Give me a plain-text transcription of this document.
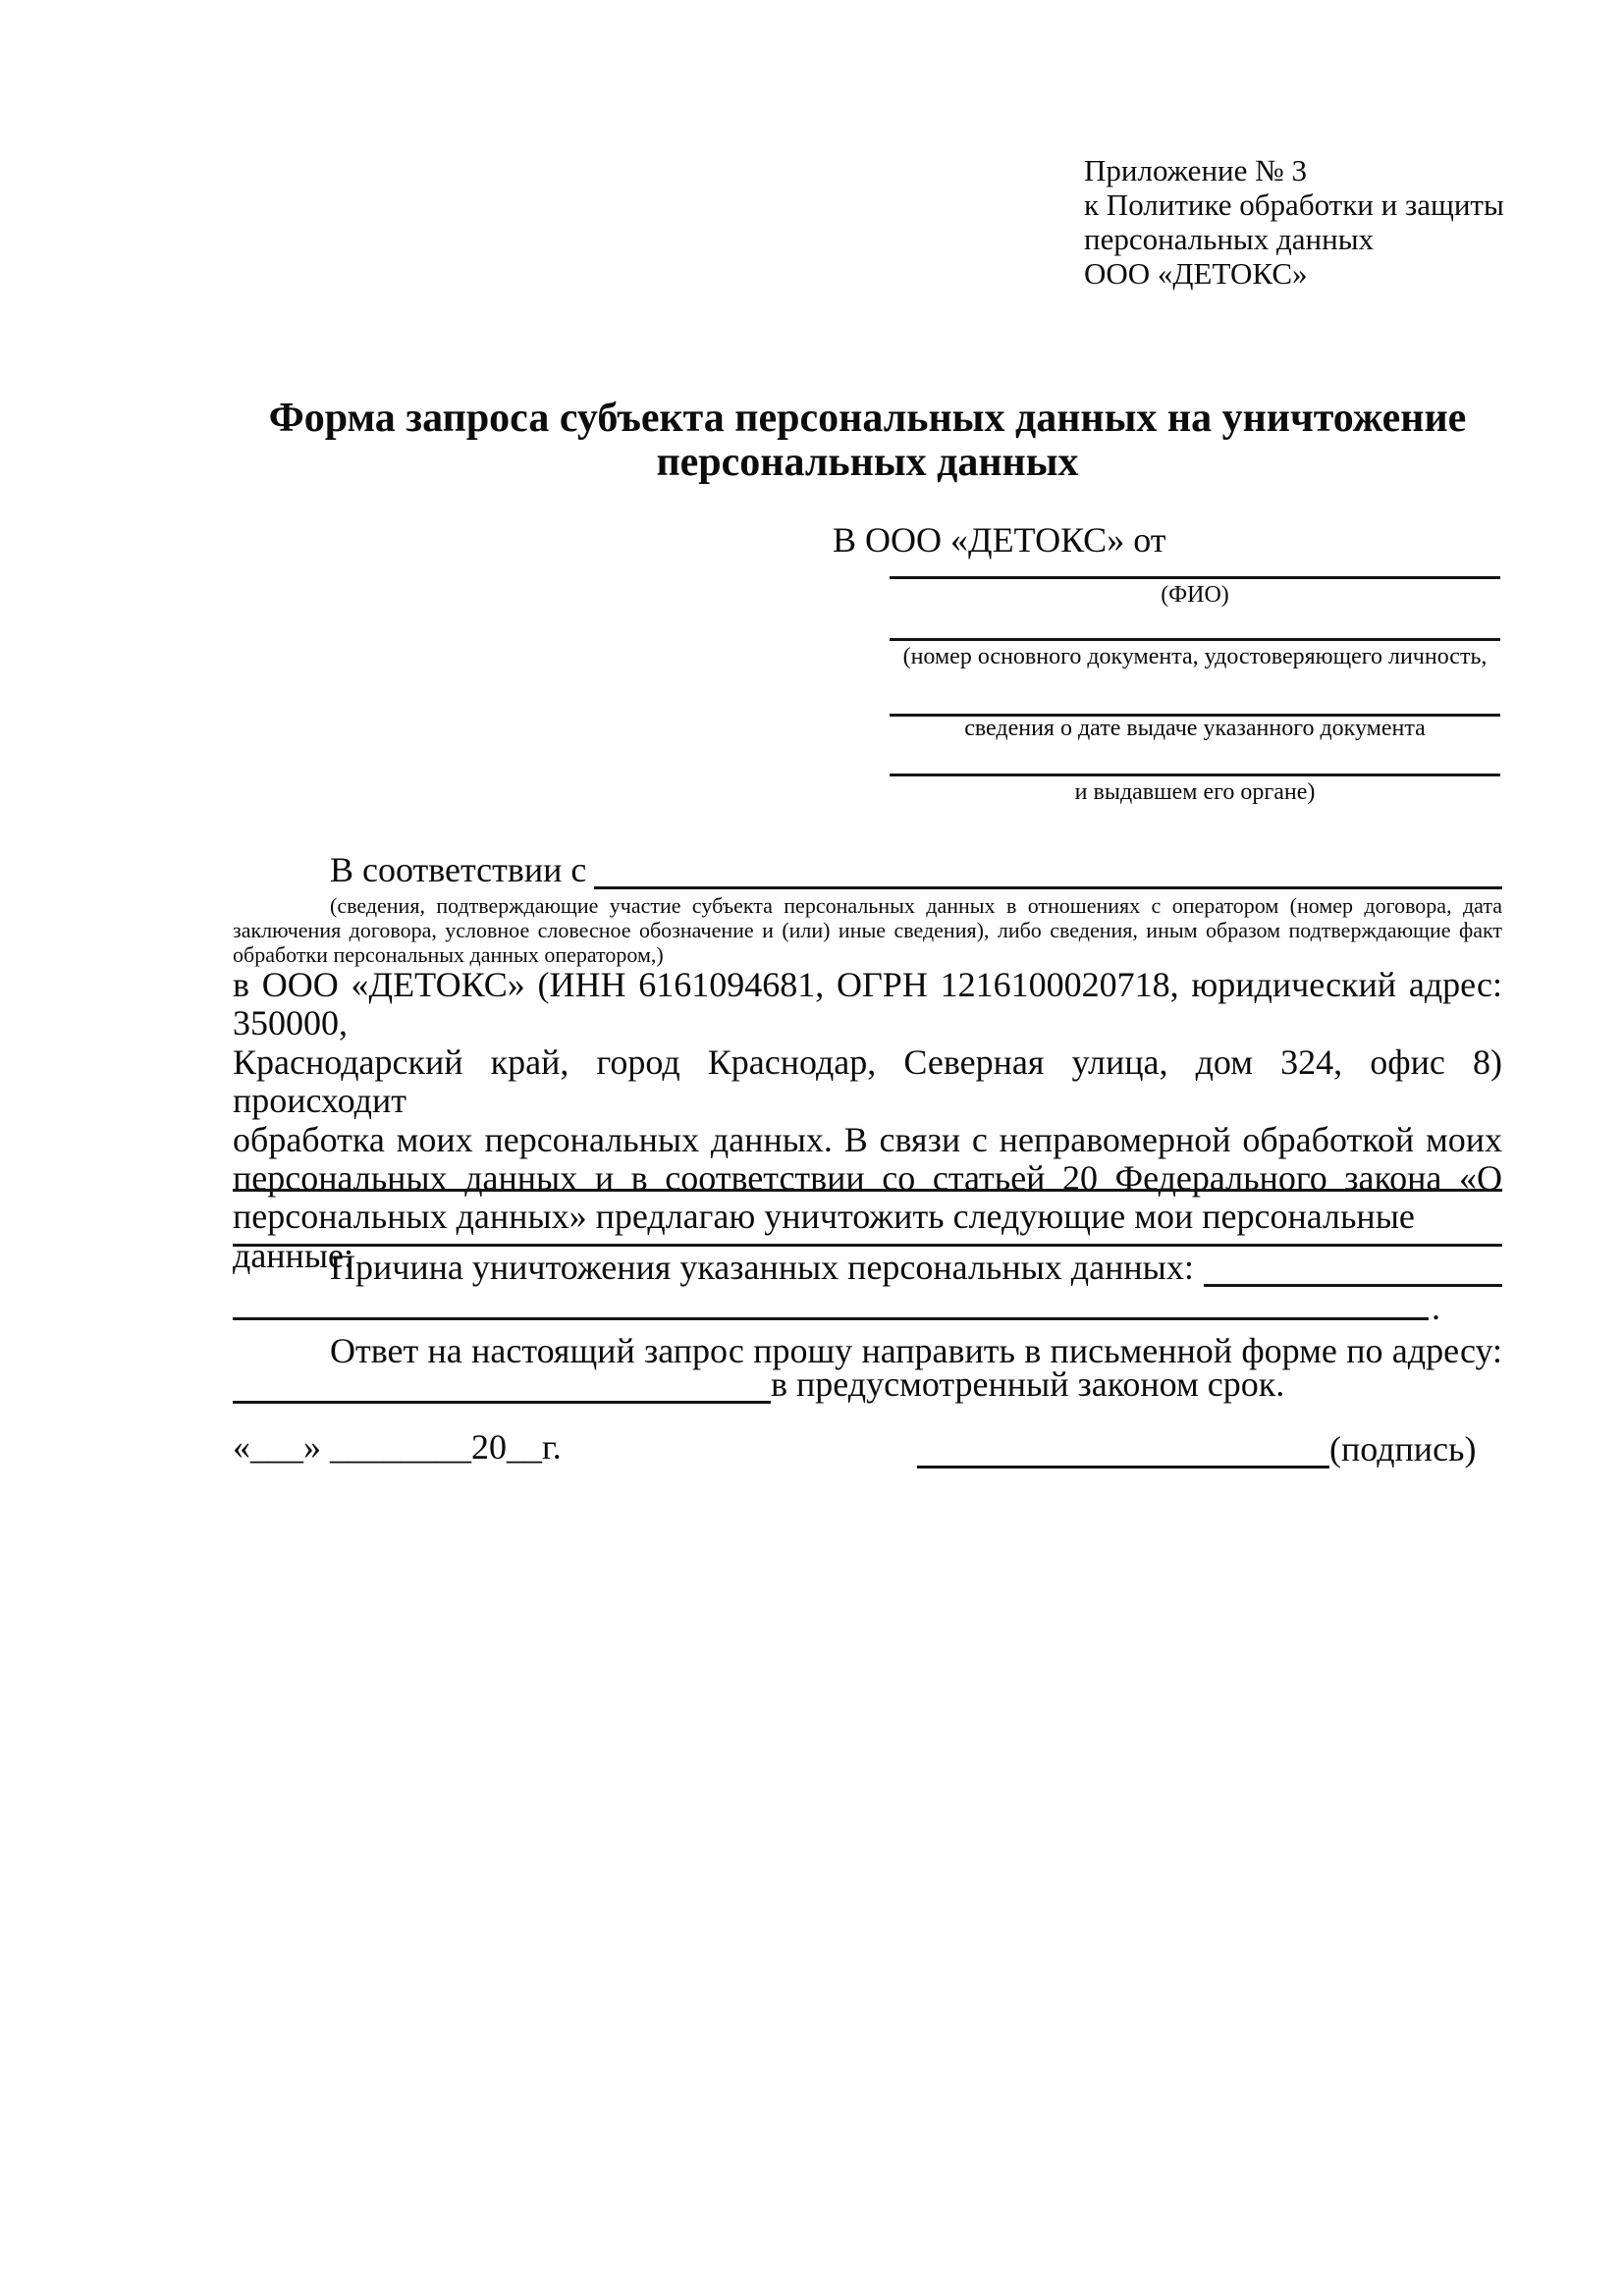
Приложение № 3
к Политике обработки и защиты
персональных данных
ООО «ДЕТОКС»
Форма запроса субъекта персональных данных на уничтожение
персональных данных
В ООО «ДЕТОКС» от
(ФИО)
(номер основного документа, удостоверяющего личность,
сведения о дате выдаче указанного документа
и выдавшем его органе)
В соответствии с
(сведения, подтверждающие участие субъекта персональных данных в отношениях с оператором (номер договора, дата
заключения договора, условное словесное обозначение и (или) иные сведения), либо сведения, иным образом подтверждающие факт
обработки персональных данных оператором,)
в ООО «ДЕТОКС» (ИНН 6161094681, ОГРН 1216100020718, юридический адрес: 350000,
Краснодарский край, город Краснодар, Северная улица, дом 324, офис 8) происходит
обработка моих персональных данных. В связи с неправомерной обработкой моих
персональных данных и в соответствии со статьей 20 Федерального закона «О
персональных данных» предлагаю уничтожить следующие мои персональные данные:
Причина уничтожения указанных персональных данных:
.
Ответ на настоящий запрос прошу направить в письменной форме по адресу:
в предусмотренный законом срок.
«___» ________20__г.	(подпись)
